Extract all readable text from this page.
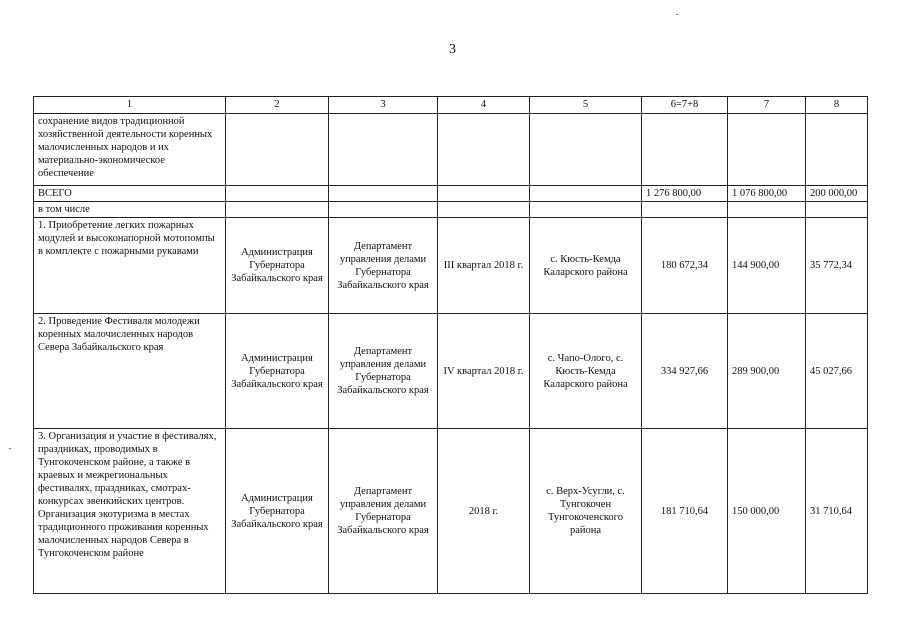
3
1	2	3	4	5	6=7+8	7	8
сохранение видов традиционной хозяйственной деятельности коренных малочисленных народов и их материально-экономическое обеспечение							
ВСЕГО					1 276 800,00	1 076 800,00	200 000,00
в том числе							
1. Приобретение легких пожарных модулей и высоконапорной мотопомпы в комплекте с пожарными рукавами	Администрация Губернатора Забайкальского края	Департамент управления делами Губернатора Забайкальского края	III квартал 2018 г.	с. Кюсть-Кемда Каларского района	180 672,34	144 900,00	35 772,34
2. Проведение Фестиваля молодежи коренных малочисленных народов Севера Забайкальского края	Администрация Губернатора Забайкальского края	Департамент управления делами Губернатора Забайкальского края	IV квартал 2018 г.	с. Чапо-Олого, с. Кюсть-Кемда Каларского района	334 927,66	289 900,00	45 027,66
3. Организация и участие в фестивалях, праздниках, проводимых в Тунгокоченском районе, а также в краевых и межрегиональных фестивалях, праздниках, смотрах-конкурсах эвенкийских центров. Организация экотуризма в местах традиционного проживания коренных малочисленных народов Севера в Тунгокоченском районе	Администрация Губернатора Забайкальского края	Департамент управления делами Губернатора Забайкальского края	2018 г.	с. Верх-Усугли, с. Тунгокочен Тунгокоченского района	181 710,64	150 000,00	31 710,64
